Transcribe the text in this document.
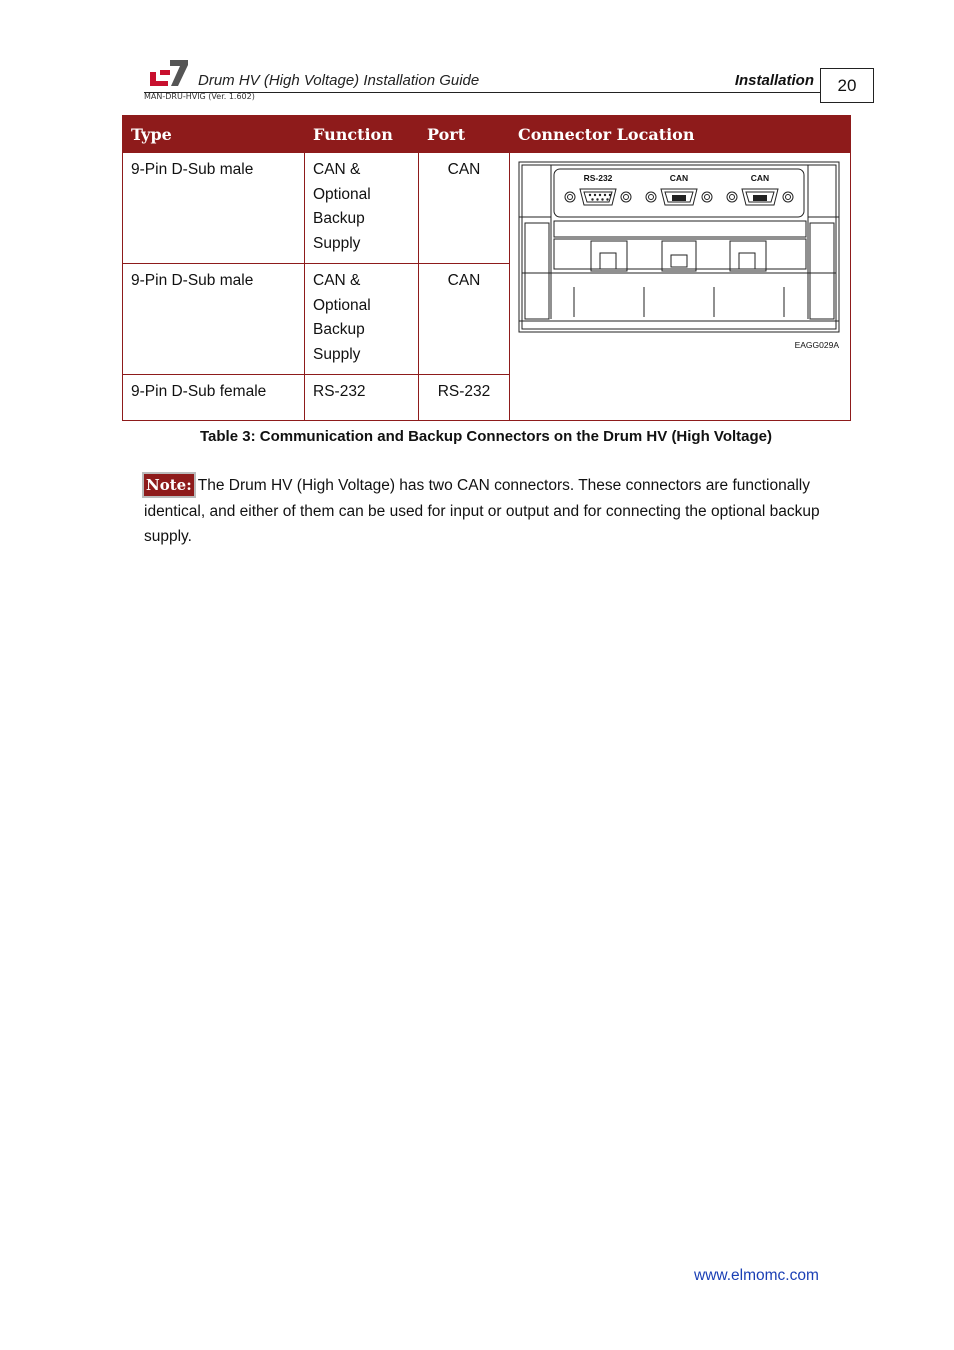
Drum HV (High Voltage) Installation Guide
MAN-DRU-HVIG (Ver. 1.602)
Installation	20
Type	Function	Port	Connector Location
9-Pin D-Sub male	CAN &
Optional
Backup
Supply	CAN	RS-232 CAN CAN
EAGG029A

9-Pin D-Sub male	CAN &
Optional
Backup
Supply	CAN	
9-Pin D-Sub female	RS-232	RS-232	
Table 3: Communication and Backup Connectors on the Drum HV (High Voltage)
Note: The Drum HV (High Voltage) has two CAN connectors. These connectors are functionally identical, and either of them can be used for input or output and for connecting the optional backup supply.
www.elmomc.com
